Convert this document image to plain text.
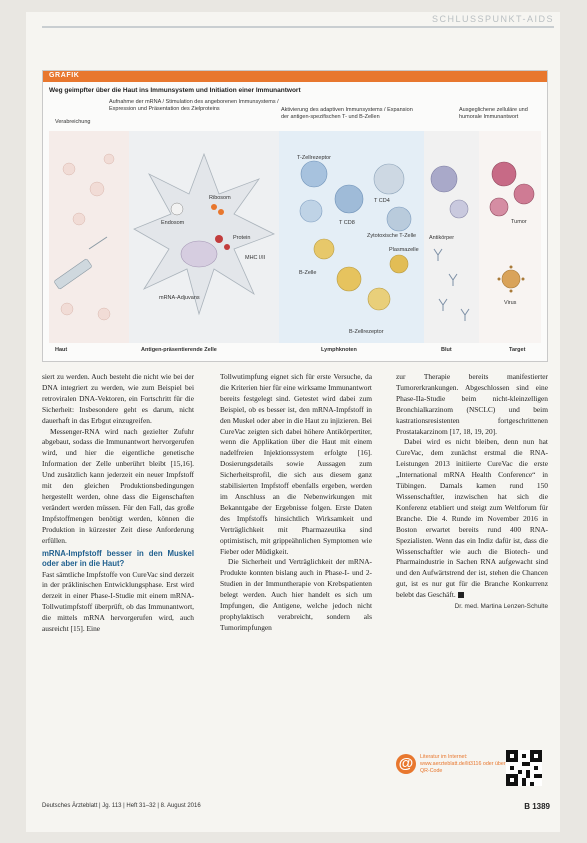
SCHLUSSPUNKT-AIDS
GRAFIK
Weg geimpfter über die Haut ins Immunsystem und Initiation einer Immunantwort
Verabreichung
Aufnahme der mRNA / Stimulation des angeborenen Immunsystems / Expression und Präsentation des Zielproteins	Aktivierung des adaptiven Immunsystems / Expansion der antigen-spezifischen T- und B-Zellen
Ausgeglichene zelluläre und humorale Immunantwort
Endosom
Ribosom
Protein
MHC I/II
mRNA-Adjuvans
T-Zellrezeptor
T CD8
T CD4
Zytotoxische T-Zelle
Plasmazelle
B-Zelle
B-Zellrezeptor
Antikörper
Tumor
Virus
Haut	Antigen-präsentierende Zelle	Lymphknoten	Blut	Target

siert zu werden. Auch besteht die nicht wie bei der DNA integriert zu werden, wie zum Beispiel bei retroviralen DNA-Vektoren, ein Fortschritt für die Sicherheit: Insbesondere geht es darum, nicht dauerhaft in das Erbgut einzugreifen.

Messenger-RNA wird nach gezielter Zufuhr abgebaut, sodass die Immunantwort hervorgerufen wird, und hier die eigentliche genetische Information der Zelle unberührt bleibt [15,16]. Und zusätzlich kann jederzeit ein neuer Impfstoff mit den gleichen Produktionsbedingungen hergestellt werden, ohne dass die Eigenschaften verändert werden müssen. Für den Fall, das große Impfstoffmengen benötigt werden, können die Produktion in kürzester Zeit diese Anforderung erfüllen.

mRNA-Impfstoff besser in den Muskel oder aber in die Haut?

Fast sämtliche Impfstoffe von CureVac sind derzeit in der präklinischen Entwicklungsphase. Erst wird derzeit in einer Phase-I-Studie mit einem mRNA-Tollwutimpfstoff überprüft, ob das Immunantwort, die mittels mRNA hervorgerufen wird, auch ausreicht [15]. Eine

Tollwutimpfung eignet sich für erste Versuche, da die Kriterien hier für eine wirksame Immunantwort bereits festgelegt sind. Getestet wird dabei zum Beispiel, ob es besser ist, den mRNA-Impfstoff in den Muskel oder aber in die Haut zu injizieren. Bei CureVac zeigten sich dabei höhere Antikörpertiter, wenn die Applikation über die Haut mit einem nadelfreien Injektionssystem erfolgte [16]. Dosierungsdetails sowie Aussagen zum Sicherheitsprofil, die sich aus diesem ganz stabilisierten Impfstoff ebenfalls ergeben, werden im Anschluss an die Nebenwirkungen mit Bekanntgabe der Ergebnisse folgen. Erste Daten des Impfstoffs hinsichtlich Wirksamkeit und Verträglichkeit mit Pharmazeutika sind optimistisch, mit grippeähnlichen Symptomen wie Fieber oder Müdigkeit.

Die Sicherheit und Verträglichkeit der mRNA-Produkte konnten bislang auch in Phase-I- und 2-Studien in der Immuntherapie von Krebspatienten belegt werden. Auch hier handelt es sich um Impfungen, die Antigene, welche jedoch nicht prophylaktisch verabreicht, sondern als Tumorimpfungen

zur Therapie bereits manifestierter Tumorerkrankungen. Abgeschlossen sind eine Phase-IIa-Studie beim nicht-kleinzelligen Bronchialkarzinom (NSCLC) und beim kastrationsresistenten fortgeschrittenen Prostatakarzinom [17, 18, 19, 20].

Dabei wird es nicht bleiben, denn nun hat CureVac, dem zunächst erstmal die RNA-Leistungen 2013 initiierte CureVac die erste „International mRNA Health Conference“ in Tübingen. Damals kamen rund 150 Wissenschaftler, inzwischen hat sich die Konferenz etabliert und steigt zum Weltforum für Branche. Die 4. Runde im November 2016 in Boston erwartet bereits rund 400 RNA-Spezialisten. Wenn das ein Indiz dafür ist, dass die Wissenschaftler wie auch die Biotech- und Pharmaindustrie in Sachen RNA aufgewacht sind und den Aufwärtstrend der ist, stehen die Chancen gut, ist es nur gut für die Branche Konkurrenz belebt das Geschäft.

Dr. med. Martina Lenzen-Schulte
@	Literatur im Internet: www.aerzteblatt.de/lit3116 oder über QR-Code
Deutsches Ärzteblatt | Jg. 113 | Heft 31–32 | 8. August 2016	B 1389
